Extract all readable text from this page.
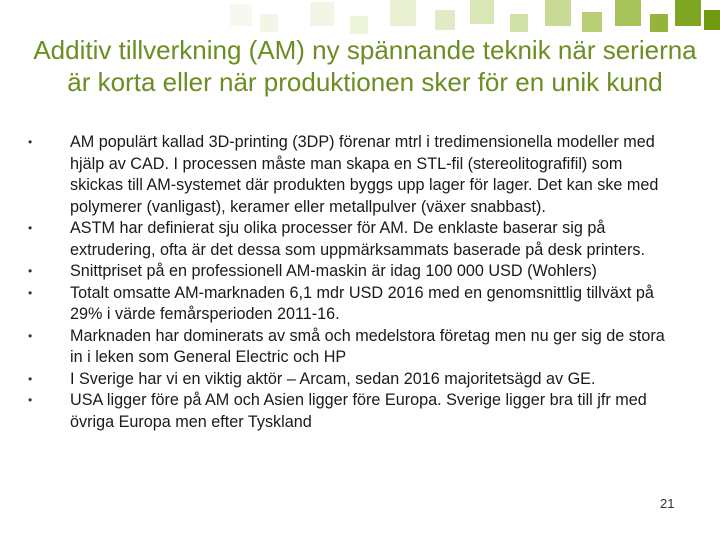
Additiv tillverkning (AM) ny spännande teknik när serierna är korta eller när produktionen sker för en unik kund
• AM populärt kallad 3D-printing (3DP) förenar mtrl i tredimensionella modeller med hjälp av CAD. I processen måste man skapa en STL-fil (stereolitografifil) som skickas till AM-systemet där produkten byggs upp lager för lager. Det kan ske med polymerer (vanligast), keramer eller metallpulver (växer snabbast).
• ASTM har definierat sju olika processer för AM. De enklaste baserar sig på extrudering, ofta är det dessa som uppmärksammats baserade på desk printers.
• Snittpriset på en professionell AM-maskin är idag 100 000 USD (Wohlers)
• Totalt omsatte AM-marknaden 6,1 mdr USD 2016 med en genomsnittlig tillväxt på 29% i värde femårsperioden 2011-16.
• Marknaden har dominerats av små och medelstora företag men nu ger sig de stora in i leken som General Electric och HP
• I Sverige har vi en viktig aktör – Arcam, sedan 2016 majoritetsägd av GE.
• USA ligger före på AM och Asien ligger före Europa. Sverige ligger bra till jfr med övriga Europa men efter Tyskland
21
